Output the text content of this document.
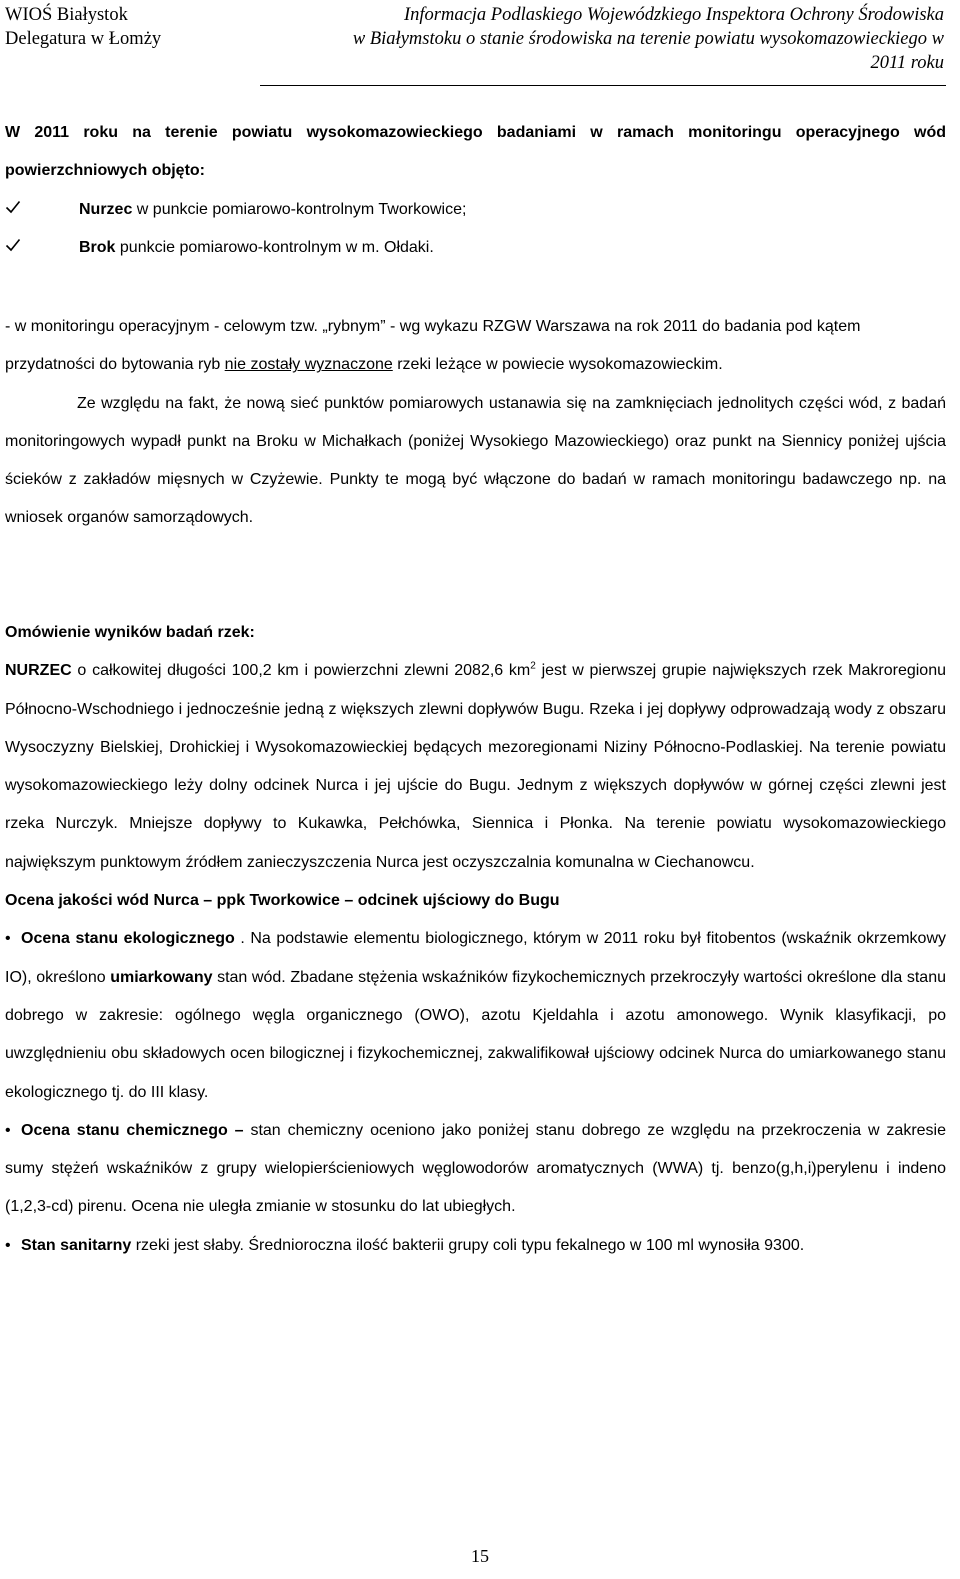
WIOŚ Białystok
Delegatura w Łomży
Informacja Podlaskiego Wojewódzkiego Inspektora Ochrony Środowiska
w Białymstoku o stanie środowiska na terenie powiatu wysokomazowieckiego w
2011 roku

W 2011 roku na terenie powiatu wysokomazowieckiego badaniami w ramach monitoringu operacyjnego wód powierzchniowych objęto:

Nurzec w punkcie pomiarowo-kontrolnym Tworkowice;
Brok punkcie pomiarowo-kontrolnym w m. Ołdaki.

- w monitoringu operacyjnym - celowym tzw. „rybnym” - wg wykazu RZGW Warszawa na rok 2011 do badania pod kątem przydatności do bytowania ryb nie zostały wyznaczone rzeki leżące w powiecie wysokomazowieckim.

Ze względu na fakt, że nową sieć punktów pomiarowych ustanawia się na zamknięciach jednolitych części wód, z badań monitoringowych wypadł punkt na Broku w Michałkach (poniżej Wysokiego Mazowieckiego) oraz punkt na Siennicy poniżej ujścia ścieków z zakładów mięsnych w Czyżewie. Punkty te mogą być włączone do badań w ramach monitoringu badawczego np. na wniosek organów samorządowych.

Omówienie wyników badań rzek:

NURZEC o całkowitej długości 100,2 km i powierzchni zlewni 2082,6 $km^2$ jest w pierwszej grupie największych rzek Makroregionu Północno-Wschodniego i jednocześnie jedną z większych zlewni dopływów Bugu. Rzeka i jej dopływy odprowadzają wody z obszaru Wysoczyzny Bielskiej, Drohickiej i Wysokomazowieckiej będących mezoregionami Niziny Północno-Podlaskiej. Na terenie powiatu wysokomazowieckiego leży dolny odcinek Nurca i jej ujście do Bugu. Jednym z większych dopływów w górnej części zlewni jest rzeka Nurczyk. Mniejsze dopływy to Kukawka, Pełchówka, Siennica i Płonka. Na terenie powiatu wysokomazowieckiego największym punktowym źródłem zanieczyszczenia Nurca jest oczyszczalnia komunalna w Ciechanowcu.

Ocena jakości wód Nurca – ppk Tworkowice – odcinek ujściowy do Bugu

• Ocena stanu ekologicznego . Na podstawie elementu biologicznego, którym w 2011 roku był fitobentos (wskaźnik okrzemkowy IO), określono umiarkowany stan wód. Zbadane stężenia wskaźników fizykochemicznych przekroczyły wartości określone dla stanu dobrego w zakresie: ogólnego węgla organicznego (OWO), azotu Kjeldahla i azotu amonowego. Wynik klasyfikacji, po uwzględnieniu obu składowych ocen bilogicznej i fizykochemicznej, zakwalifikował ujściowy odcinek Nurca do umiarkowanego stanu ekologicznego tj. do III klasy.

• Ocena stanu chemicznego – stan chemiczny oceniono jako poniżej stanu dobrego ze względu na przekroczenia w zakresie sumy stężeń wskaźników z grupy wielopierścieniowych węglowodorów aromatycznych (WWA) tj. benzo(g,h,i)perylenu i indeno (1,2,3-cd) pirenu. Ocena nie uległa zmianie w stosunku do lat ubiegłych.

• Stan sanitarny rzeki jest słaby. Średnioroczna ilość bakterii grupy coli typu fekalnego w 100 ml wynosiła 9300.

15
